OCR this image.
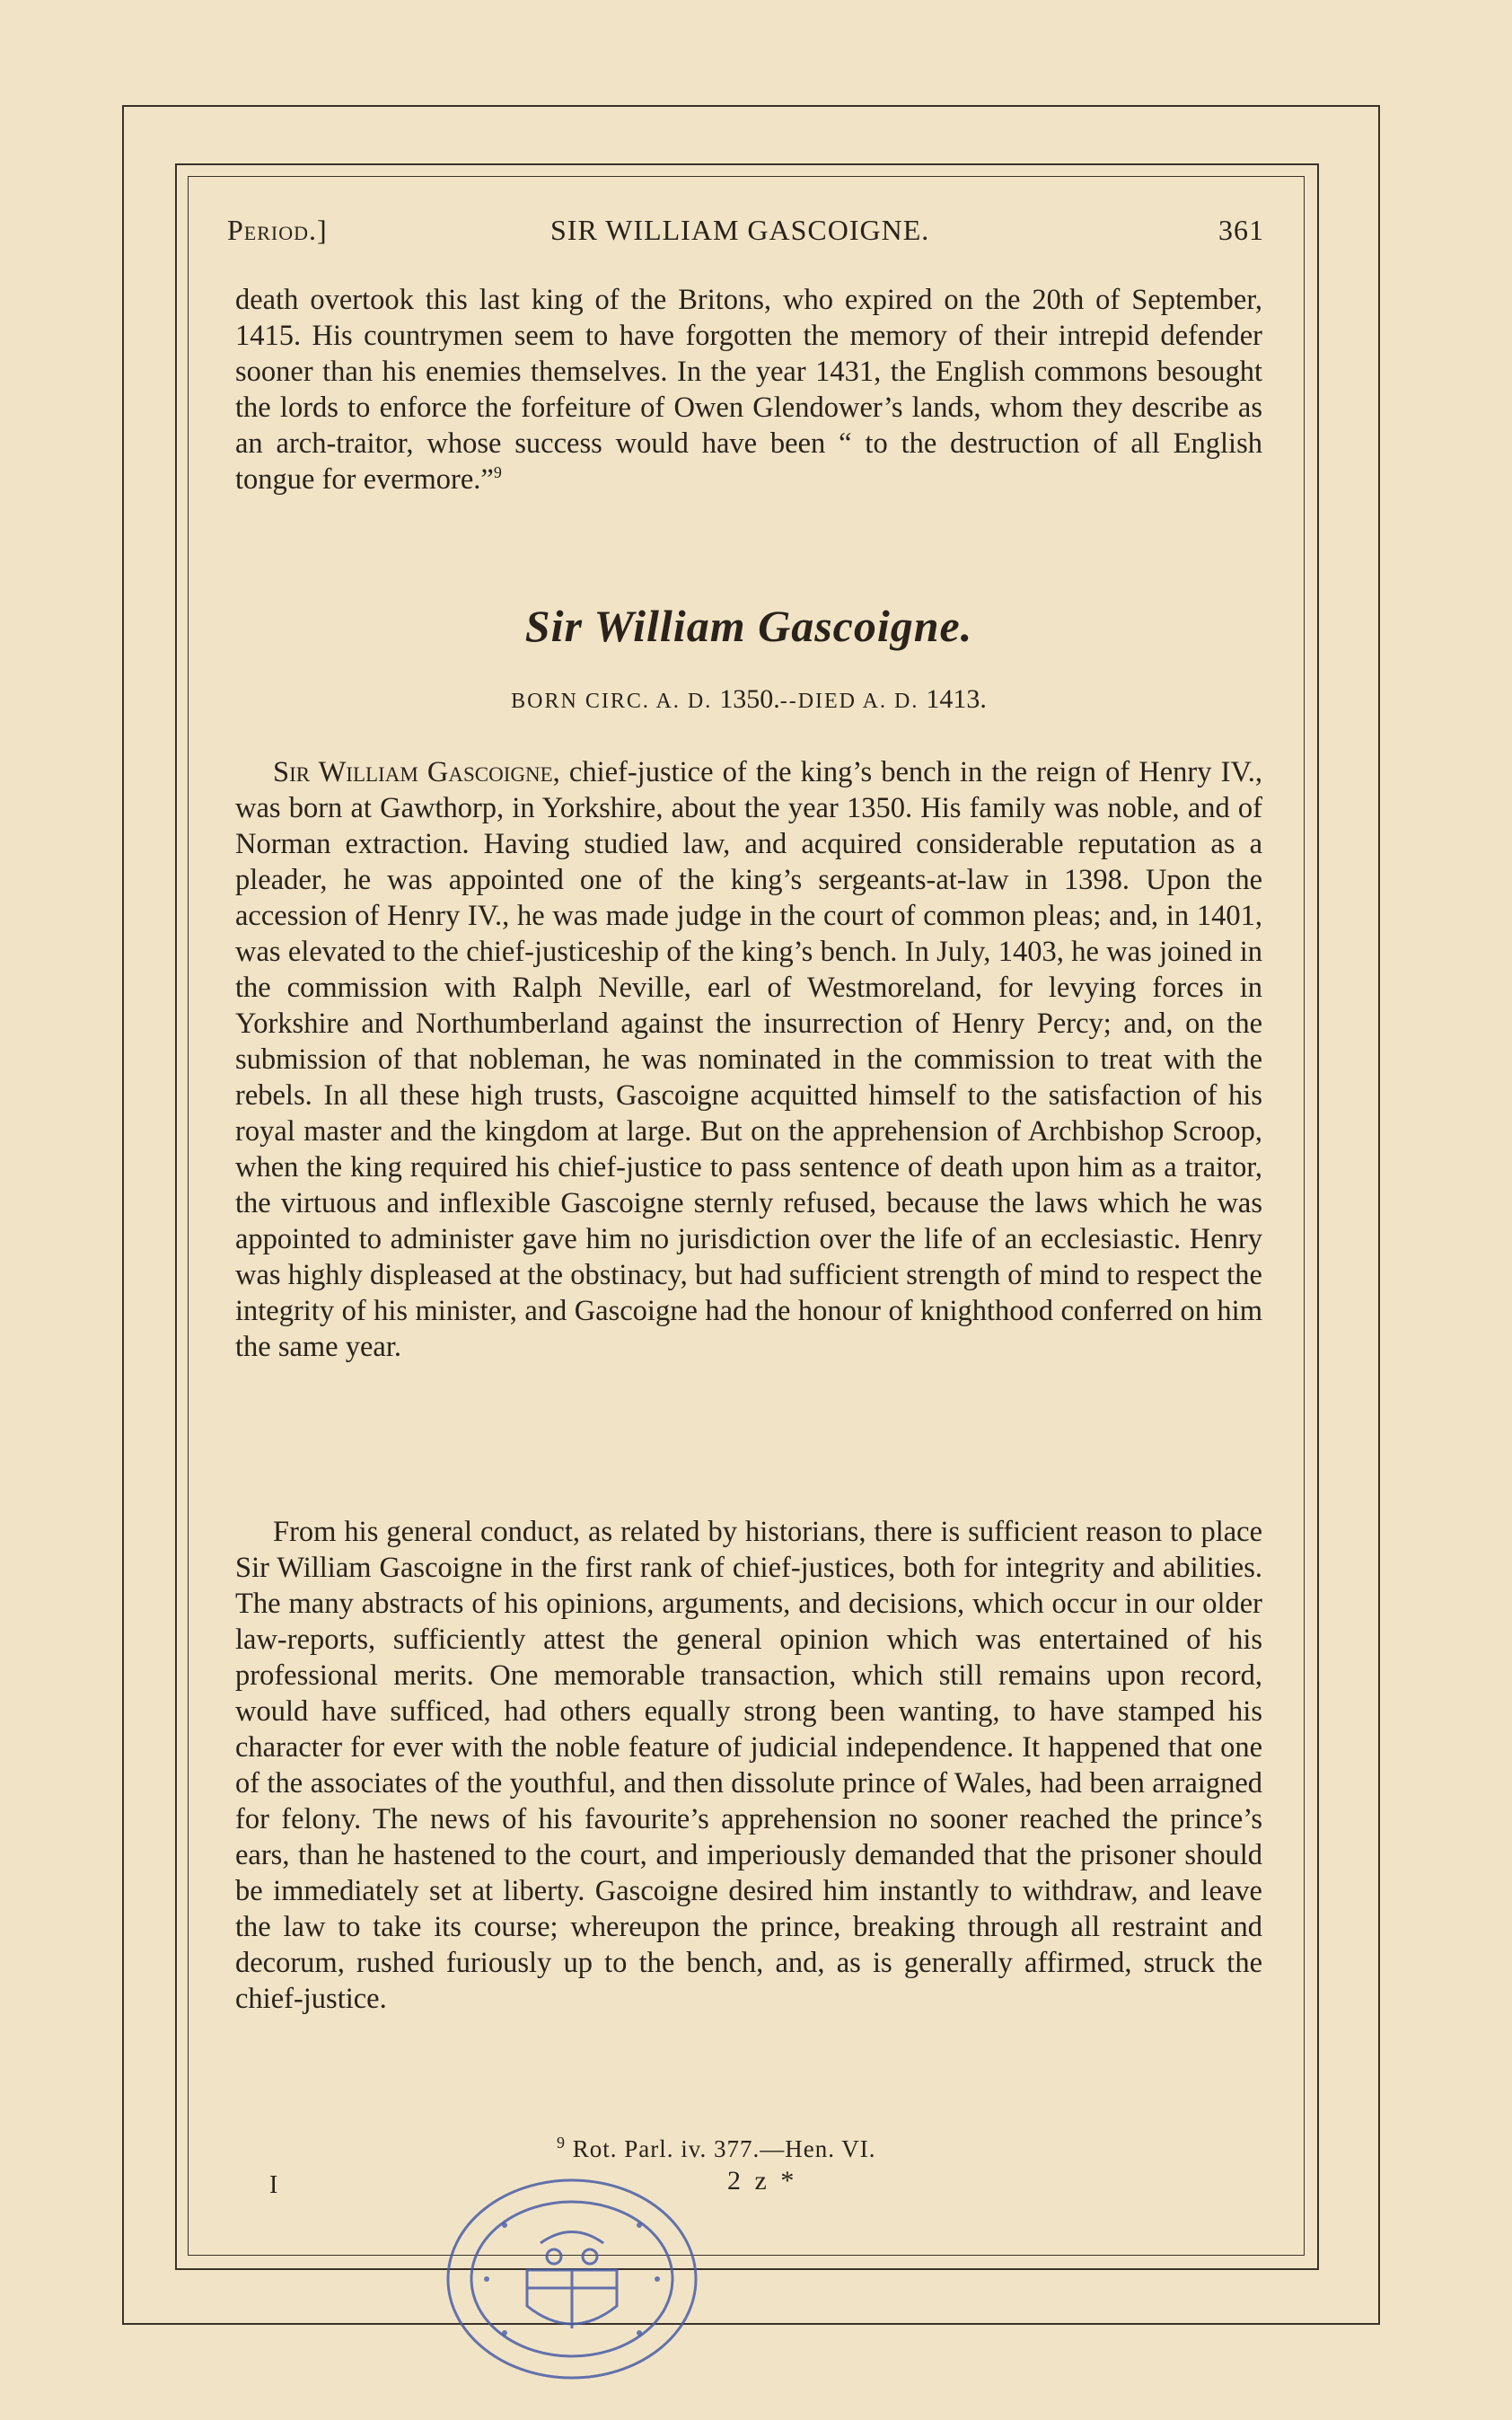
Period.]	SIR WILLIAM GASCOIGNE.	361

death overtook this last king of the Britons, who expired on the 20th of September, 1415. His countrymen seem to have forgotten the memory of their intrepid defender sooner than his enemies themselves. In the year 1431, the English commons besought the lords to enforce the forfeiture of Owen Glendower’s lands, whom they describe as an arch-traitor, whose success would have been “ to the destruction of all English tongue for evermore.”$^9$

Sir William Gascoigne.
BORN CIRC. A. D. 1350.--DIED A. D. 1413.

Sir William Gascoigne, chief-justice of the king’s bench in the reign of Henry IV., was born at Gawthorp, in Yorkshire, about the year 1350. His family was noble, and of Norman extraction. Having studied law, and acquired considerable reputation as a pleader, he was appointed one of the king’s sergeants-at-law in 1398. Upon the accession of Henry IV., he was made judge in the court of common pleas; and, in 1401, was elevated to the chief-justiceship of the king’s bench. In July, 1403, he was joined in the commission with Ralph Neville, earl of Westmoreland, for levying forces in Yorkshire and Northumberland against the insurrection of Henry Percy; and, on the submission of that nobleman, he was nominated in the commission to treat with the rebels. In all these high trusts, Gascoigne acquitted himself to the satisfaction of his royal master and the kingdom at large. But on the apprehension of Archbishop Scroop, when the king required his chief-justice to pass sentence of death upon him as a traitor, the virtuous and inflexible Gascoigne sternly refused, because the laws which he was appointed to administer gave him no jurisdiction over the life of an ecclesiastic. Henry was highly displeased at the obstinacy, but had sufficient strength of mind to respect the integrity of his minister, and Gascoigne had the honour of knighthood conferred on him the same year.

From his general conduct, as related by historians, there is sufficient reason to place Sir William Gascoigne in the first rank of chief-justices, both for integrity and abilities. The many abstracts of his opinions, arguments, and decisions, which occur in our older law-reports, sufficiently attest the general opinion which was entertained of his professional merits. One memorable transaction, which still remains upon record, would have sufficed, had others equally strong been wanting, to have stamped his character for ever with the noble feature of judicial independence. It happened that one of the associates of the youthful, and then dissolute prince of Wales, had been arraigned for felony. The news of his favourite’s apprehension no sooner reached the prince’s ears, than he hastened to the court, and imperiously demanded that the prisoner should be immediately set at liberty. Gascoigne desired him instantly to withdraw, and leave the law to take its course; whereupon the prince, breaking through all restraint and decorum, rushed furiously up to the bench, and, as is generally affirmed, struck the chief-justice.

$^9$ Rot. Parl. iv. 377.—Hen. VI.
I	2 z *
